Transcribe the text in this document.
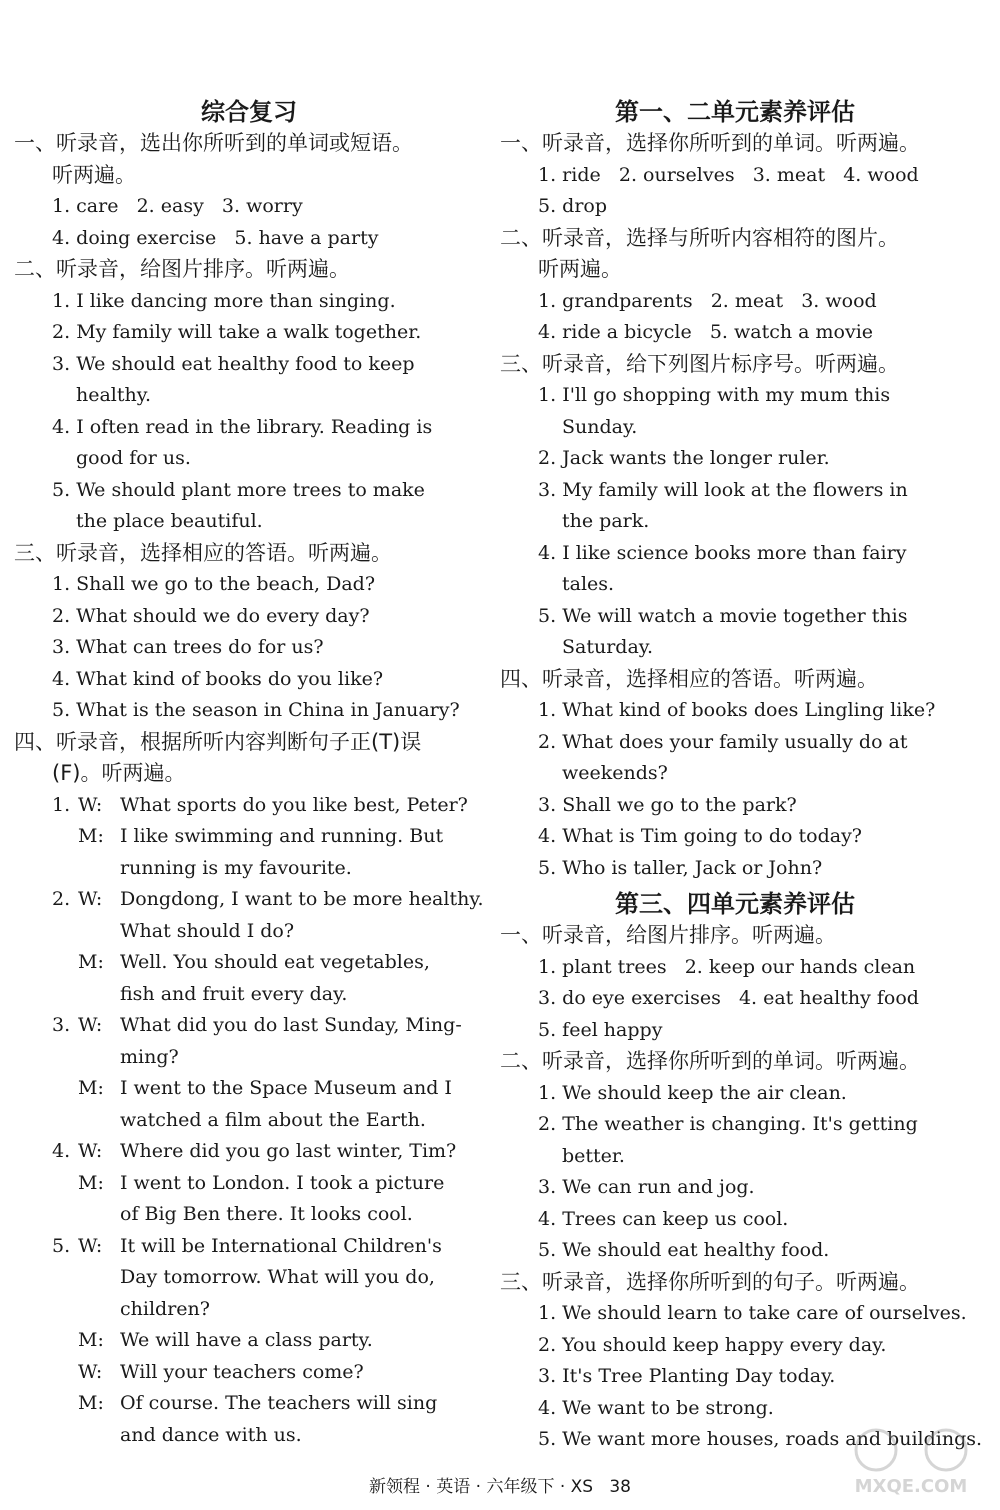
综合复习
一、听录音，选出你所听到的单词或短语。
听两遍。
1. care   2. easy   3. worry
4. doing exercise   5. have a party
二、听录音，给图片排序。听两遍。
1. I like dancing more than singing.
2. My family will take a walk together.
3. We should eat healthy food to keep
healthy.
4. I often read in the library. Reading is
good for us.
5. We should plant more trees to make
the place beautiful.
三、听录音，选择相应的答语。听两遍。
1. Shall we go to the beach, Dad?
2. What should we do every day?
3. What can trees do for us?
4. What kind of books do you like?
5. What is the season in China in January?
四、听录音，根据所听内容判断句子正(T)误
(F)。听两遍。
1. W: What sports do you like best, Peter?
M: I like swimming and running. But
running is my favourite.
2. W: Dongdong, I want to be more healthy.
What should I do?
M: Well. You should eat vegetables,
fish and fruit every day.
3. W: What did you do last Sunday, Ming-
ming?
M: I went to the Space Museum and I
watched a film about the Earth.
4. W: Where did you go last winter, Tim?
M: I went to London. I took a picture
of Big Ben there. It looks cool.
5. W: It will be International Children's
Day tomorrow. What will you do,
children?
M: We will have a class party.
W: Will your teachers come?
M: Of course. The teachers will sing
and dance with us.
第一、二单元素养评估
一、听录音，选择你所听到的单词。听两遍。
1. ride   2. ourselves   3. meat   4. wood
5. drop
二、听录音，选择与所听内容相符的图片。
听两遍。
1. grandparents   2. meat   3. wood
4. ride a bicycle   5. watch a movie
三、听录音，给下列图片标序号。听两遍。
1. I'll go shopping with my mum this
Sunday.
2. Jack wants the longer ruler.
3. My family will look at the flowers in
the park.
4. I like science books more than fairy
tales.
5. We will watch a movie together this
Saturday.
四、听录音，选择相应的答语。听两遍。
1. What kind of books does Lingling like?
2. What does your family usually do at
weekends?
3. Shall we go to the park?
4. What is Tim going to do today?
5. Who is taller, Jack or John?
第三、四单元素养评估
一、听录音，给图片排序。听两遍。
1. plant trees   2. keep our hands clean
3. do eye exercises   4. eat healthy food
5. feel happy
二、听录音，选择你所听到的单词。听两遍。
1. We should keep the air clean.
2. The weather is changing. It's getting
better.
3. We can run and jog.
4. Trees can keep us cool.
5. We should eat healthy food.
三、听录音，选择你所听到的句子。听两遍。
1. We should learn to take care of ourselves.
2. You should keep happy every day.
3. It's Tree Planting Day today.
4. We want to be strong.
5. We want more houses, roads and buildings.
新领程 · 英语 · 六年级下 · XS   38	MXQE.COM
